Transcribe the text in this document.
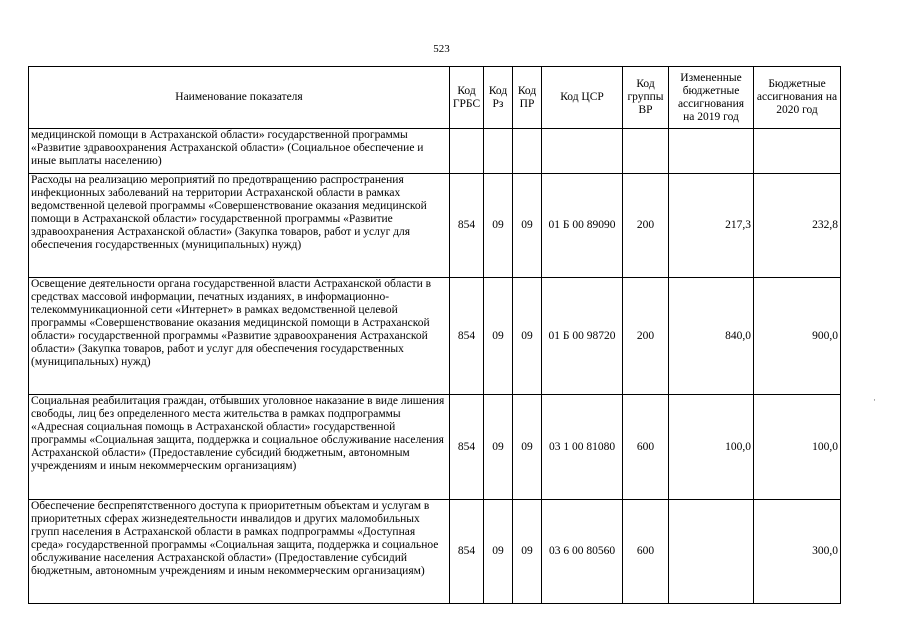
523
Наименование показателя	Код ГРБС	Код Рз	Код ПР	Код ЦСР	Код группы ВР	Измененные бюджетные ассигнования на 2019 год	Бюджетные ассигнования на 2020 год
медицинской помощи в Астраханской области» государственной программы «Развитие здравоохранения Астраханской области» (Социальное обеспечение и иные выплаты населению)							
Расходы на реализацию мероприятий по предотвращению распространения инфекционных заболеваний на территории Астраханской области в рамках ведомственной целевой программы «Совершенствование оказания медицинской помощи в Астраханской области» государственной программы «Развитие здравоохранения Астраханской области» (Закупка товаров, работ и услуг для обеспечения государственных (муниципальных) нужд)	854	09	09	01 Б 00 89090	200	217,3	232,8
Освещение деятельности органа государственной власти Астраханской области в средствах массовой информации, печатных изданиях, в информационно-телекоммуникационной сети «Интернет» в рамках ведомственной целевой программы «Совершенствование оказания медицинской помощи в Астраханской области» государственной программы «Развитие здравоохранения Астраханской области» (Закупка товаров, работ и услуг для обеспечения государственных (муниципальных) нужд)	854	09	09	01 Б 00 98720	200	840,0	900,0
Социальная реабилитация граждан, отбывших уголовное наказание в виде лишения свободы, лиц без определенного места жительства в рамках подпрограммы «Адресная социальная помощь в Астраханской области» государственной программы «Социальная защита, поддержка и социальное обслуживание населения Астраханской области» (Предоставление субсидий бюджетным, автономным учреждениям и иным некоммерческим организациям)	854	09	09	03 1 00 81080	600	100,0	100,0
Обеспечение беспрепятственного доступа к приоритетным объектам и услугам в приоритетных сферах жизнедеятельности инвалидов и других маломобильных групп населения в Астраханской области в рамках подпрограммы «Доступная среда» государственной программы «Социальная защита, поддержка и социальное обслуживание населения Астраханской области» (Предоставление субсидий бюджетным, автономным учреждениям и иным некоммерческим организациям)	854	09	09	03 6 00 80560	600		300,0
·
